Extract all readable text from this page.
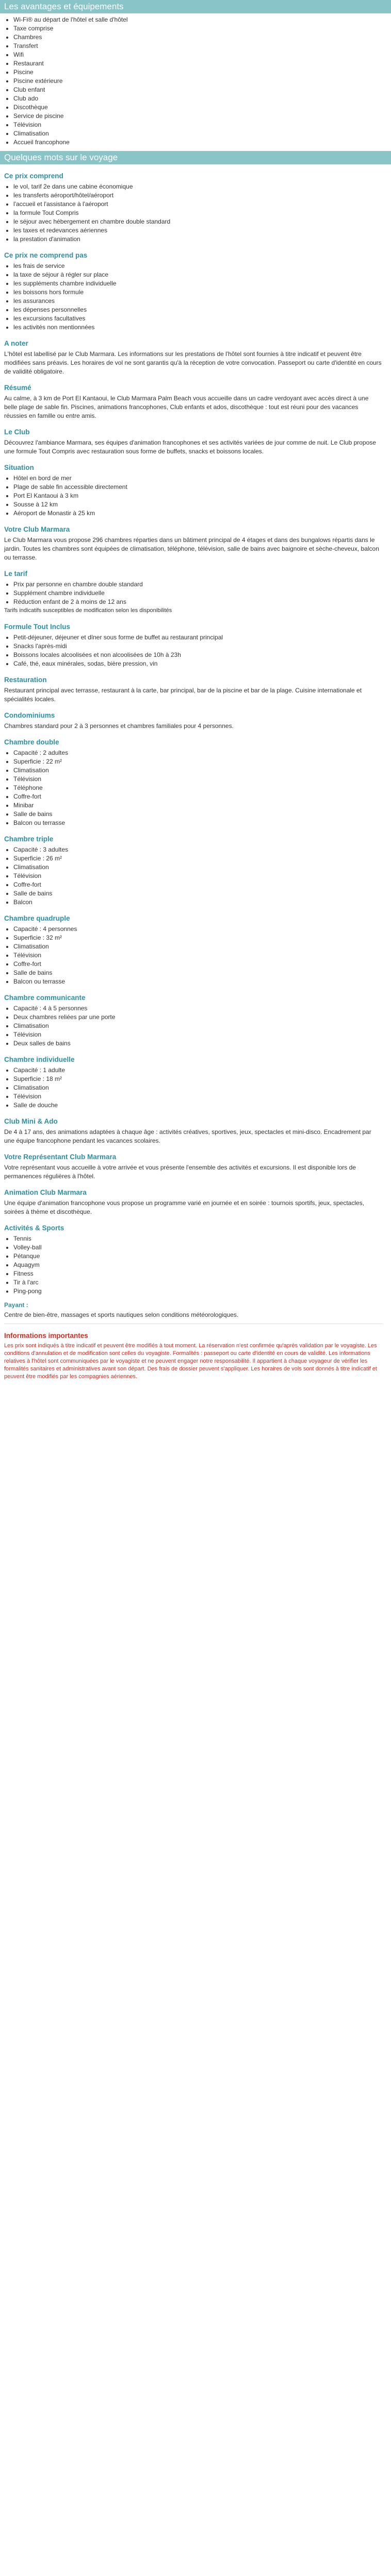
Les avantages et équipements
• Wi-Fi® au départ de l'hôtel et salle d'hôtel
• Taxe comprise
• Chambres
• Transfert
• Wifi
• Restaurant
• Piscine
• Piscine extérieure
• Club enfant
• Club ado
• Discothèque
• Service de piscine
• Télévision
• Climatisation
• Accueil francophone
Quelques mots sur le voyage
Ce prix comprend
• le vol, tarif 2e dans une cabine économique
• les transferts aéroport/hôtel/aéroport
• l'accueil et l'assistance à l'aéroport
• la formule Tout Compris
• le séjour avec hébergement en chambre double standard
• les taxes et redevances aériennes
• la prestation d'animation
Ce prix ne comprend pas
• les frais de service
• la taxe de séjour à régler sur place
• les suppléments chambre individuelle
• les boissons hors formule
• les assurances
• les dépenses personnelles
• les excursions facultatives
• les activités non mentionnées
A noter

L'hôtel est labellisé par le Club Marmara. Les informations sur les prestations de l'hôtel sont fournies à titre indicatif et peuvent être modifiées sans préavis. Les horaires de vol ne sont garantis qu'à la réception de votre convocation. Passeport ou carte d'identité en cours de validité obligatoire.

Résumé

Au calme, à 3 km de Port El Kantaoui, le Club Marmara Palm Beach vous accueille dans un cadre verdoyant avec accès direct à une belle plage de sable fin. Piscines, animations francophones, Club enfants et ados, discothèque : tout est réuni pour des vacances réussies en famille ou entre amis.

Le Club

Découvrez l'ambiance Marmara, ses équipes d'animation francophones et ses activités variées de jour comme de nuit. Le Club propose une formule Tout Compris avec restauration sous forme de buffets, snacks et boissons locales.

Situation
• Hôtel en bord de mer
• Plage de sable fin accessible directement
• Port El Kantaoui à 3 km
• Sousse à 12 km
• Aéroport de Monastir à 25 km
Votre Club Marmara

Le Club Marmara vous propose 296 chambres réparties dans un bâtiment principal de 4 étages et dans des bungalows répartis dans le jardin. Toutes les chambres sont équipées de climatisation, téléphone, télévision, salle de bains avec baignoire et sèche-cheveux, balcon ou terrasse.

Le tarif
• Prix par personne en chambre double standard
• Supplément chambre individuelle
• Réduction enfant de 2 à moins de 12 ans

Tarifs indicatifs susceptibles de modification selon les disponibilités

Formule Tout Inclus
• Petit-déjeuner, déjeuner et dîner sous forme de buffet au restaurant principal
• Snacks l'après-midi
• Boissons locales alcoolisées et non alcoolisées de 10h à 23h
• Café, thé, eaux minérales, sodas, bière pression, vin
Restauration

Restaurant principal avec terrasse, restaurant à la carte, bar principal, bar de la piscine et bar de la plage. Cuisine internationale et spécialités locales.

Condominiums

Chambres standard pour 2 à 3 personnes et chambres familiales pour 4 personnes.

Chambre double
• Capacité : 2 adultes
• Superficie : 22 m²
• Climatisation
• Télévision
• Téléphone
• Coffre-fort
• Minibar
• Salle de bains
• Balcon ou terrasse
Chambre triple
• Capacité : 3 adultes
• Superficie : 26 m²
• Climatisation
• Télévision
• Coffre-fort
• Salle de bains
• Balcon
Chambre quadruple
• Capacité : 4 personnes
• Superficie : 32 m²
• Climatisation
• Télévision
• Coffre-fort
• Salle de bains
• Balcon ou terrasse
Chambre communicante
• Capacité : 4 à 5 personnes
• Deux chambres reliées par une porte
• Climatisation
• Télévision
• Deux salles de bains
Chambre individuelle
• Capacité : 1 adulte
• Superficie : 18 m²
• Climatisation
• Télévision
• Salle de douche
Club Mini & Ado

De 4 à 17 ans, des animations adaptées à chaque âge : activités créatives, sportives, jeux, spectacles et mini-disco. Encadrement par une équipe francophone pendant les vacances scolaires.

Votre Représentant Club Marmara

Votre représentant vous accueille à votre arrivée et vous présente l'ensemble des activités et excursions. Il est disponible lors de permanences régulières à l'hôtel.

Animation Club Marmara

Une équipe d'animation francophone vous propose un programme varié en journée et en soirée : tournois sportifs, jeux, spectacles, soirées à thème et discothèque.

Activités & Sports
• Tennis
• Volley-ball
• Pétanque
• Aquagym
• Fitness
• Tir à l'arc
• Ping-pong
Payant :

Centre de bien-être, massages et sports nautiques selon conditions météorologiques.

Informations importantes

Les prix sont indiqués à titre indicatif et peuvent être modifiés à tout moment. La réservation n'est confirmée qu'après validation par le voyagiste. Les conditions d'annulation et de modification sont celles du voyagiste. Formalités : passeport ou carte d'identité en cours de validité. Les informations relatives à l'hôtel sont communiquées par le voyagiste et ne peuvent engager notre responsabilité. Il appartient à chaque voyageur de vérifier les formalités sanitaires et administratives avant son départ. Des frais de dossier peuvent s'appliquer. Les horaires de vols sont donnés à titre indicatif et peuvent être modifiés par les compagnies aériennes.
